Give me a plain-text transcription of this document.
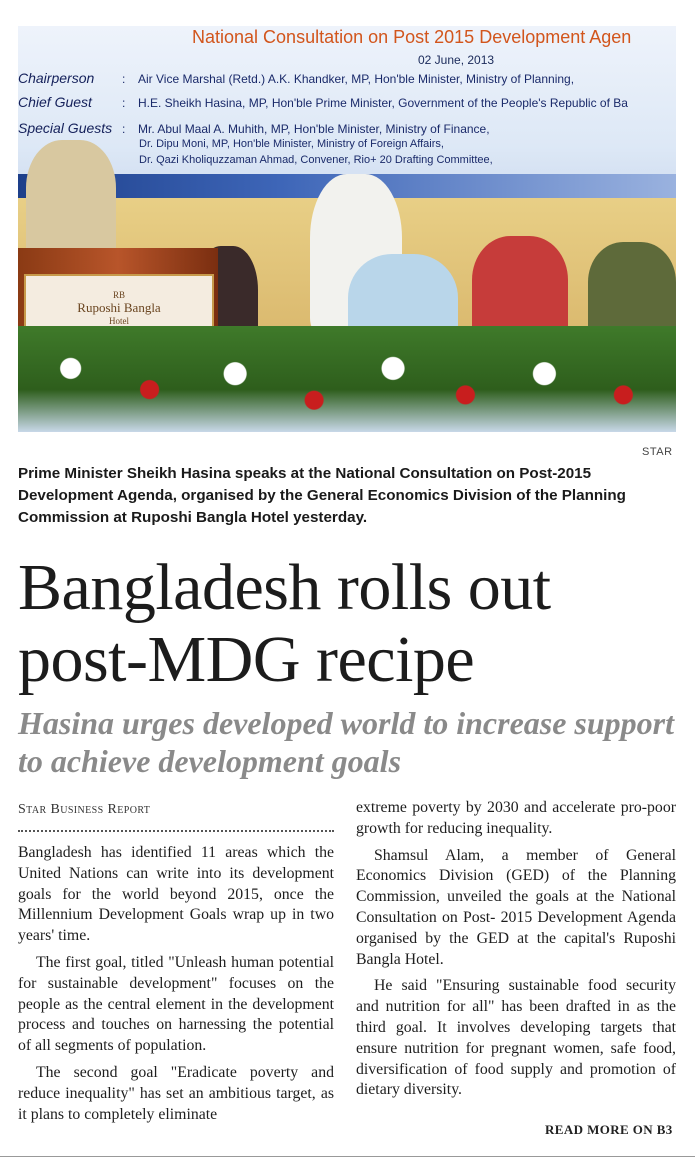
National Consultation on Post 2015 Development Agen
02 June, 2013
Chairperson : Air Vice Marshal (Retd.) A.K. Khandker, MP, Hon'ble Minister, Ministry of Planning,
Chief Guest	: H.E. Sheikh Hasina, MP, Hon'ble Prime Minister, Government of the People's Republic of Ba
Special Guests : Mr. Abul Maal A. Muhith, MP, Hon'ble Minister, Ministry of Finance,
Dr. Dipu Moni, MP, Hon'ble Minister, Ministry of Foreign Affairs,
Dr. Qazi Kholiquzzaman Ahmad, Convener, Rio+ 20 Drafting Committee,
RB
Ruposhi Bangla
Hotel
STAR
Prime Minister Sheikh Hasina speaks at the National Consultation on Post-2015 Development Agenda, organised by the General Economics Division of the Planning Commission at Ruposhi Bangla Hotel yesterday.
Bangladesh rolls out post-MDG recipe
Hasina urges developed world to increase support to achieve development goals
Star Business Report

Bangladesh has identified 11 areas which the United Nations can write into its development goals for the world beyond 2015, once the Millennium Development Goals wrap up in two years' time.

The first goal, titled "Unleash human potential for sustainable development" focuses on the people as the central element in the development process and touches on harnessing the potential of all segments of population.

The second goal "Eradicate poverty and reduce inequality" has set an ambitious target, as it plans to completely eliminate

extreme poverty by 2030 and accelerate pro-poor growth for reducing inequality.

Shamsul Alam, a member of General Economics Division (GED) of the Planning Commission, unveiled the goals at the National Consultation on Post- 2015 Development Agenda organised by the GED at the capital's Ruposhi Bangla Hotel.

He said "Ensuring sustainable food security and nutrition for all" has been drafted in as the third goal. It involves developing targets that ensure nutrition for pregnant women, safe food, diversification of food supply and promotion of dietary diversity.

READ MORE ON B3
